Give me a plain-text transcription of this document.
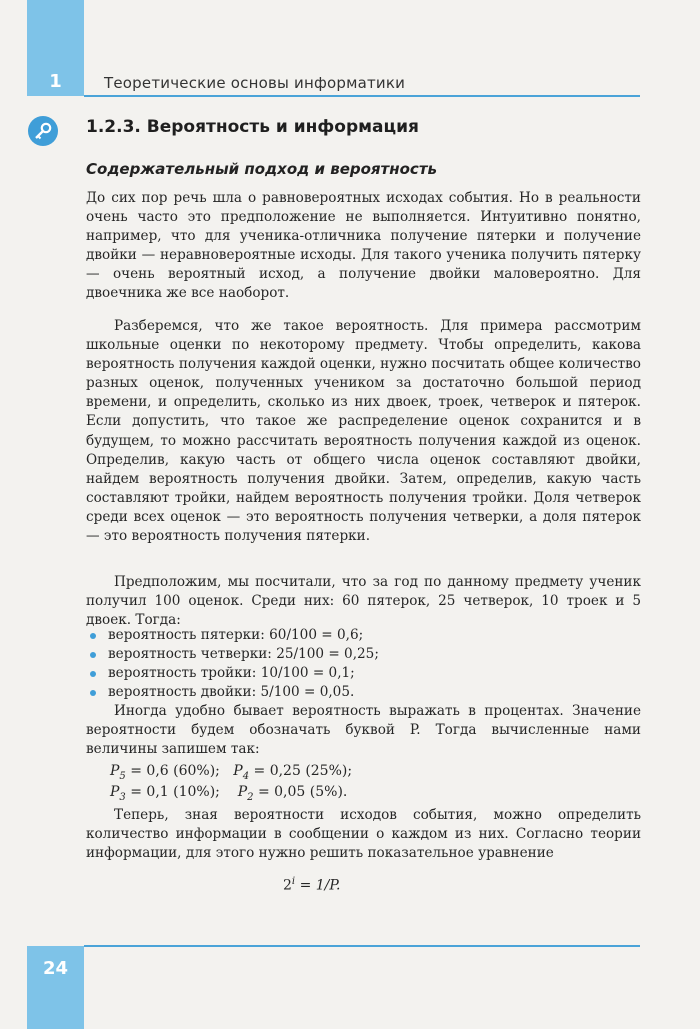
1	Теоретические основы информатики
1.2.3. Вероятность и информация
Содержательный подход и вероятность

До сих пор речь шла о равновероятных исходах события. Но в реальности очень часто это предположение не выполняется. Интуитивно понятно, например, что для ученика-отличника получение пятерки и получение двойки — неравновероятные исходы. Для такого ученика получить пятерку — очень вероятный исход, а получение двойки маловероятно. Для двоечника же все наоборот.

Разберемся, что же такое вероятность. Для примера рассмотрим школьные оценки по некоторому предмету. Чтобы определить, какова вероятность получения каждой оценки, нужно посчитать общее количество разных оценок, полученных учеником за достаточно большой период времени, и определить, сколько из них двоек, троек, четверок и пятерок. Если допустить, что такое же распределение оценок сохранится и в будущем, то можно рассчитать вероятность получения каждой из оценок. Определив, какую часть от общего числа оценок составляют двойки, найдем вероятность получения двойки. Затем, определив, какую часть составляют тройки, найдем вероятность получения тройки. Доля четверок среди всех оценок — это вероятность получения четверки, а доля пятерок — это вероятность получения пятерки.

Предположим, мы посчитали, что за год по данному предмету ученик получил 100 оценок. Среди них: 60 пятерок, 25 четверок, 10 троек и 5 двоек. Тогда:

вероятность пятерки: 60/100 = 0,6;
вероятность четверки: 25/100 = 0,25;
вероятность тройки: 10/100 = 0,1;
вероятность двойки: 5/100 = 0,05.

Иногда удобно бывает вероятность выражать в процентах. Значение вероятности будем обозначать буквой P. Тогда вычисленные нами величины запишем так:

$P_5 = 0,6$ (60%); $P_4 = 0,25$ (25%);
$P_3 = 0,1$ (10%); $P_2 = 0,05$ (5%).

Теперь, зная вероятности исходов события, можно определить количество информации в сообщении о каждом из них. Согласно теории информации, для этого нужно решить показательное уравнение

$2^i = 1/P$.
24
